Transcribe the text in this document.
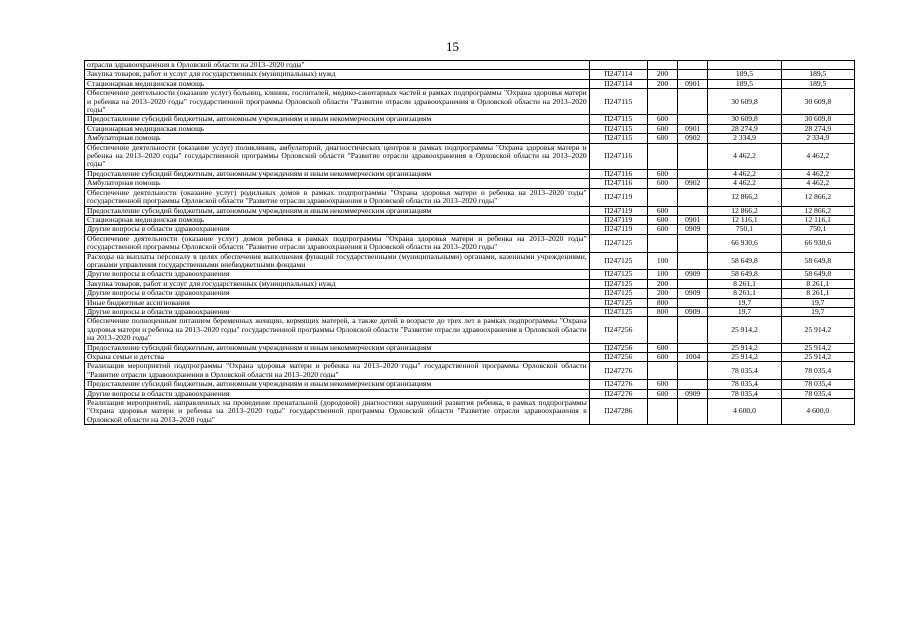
15
отрасли здравоохранения в Орловской области на 2013–2020 годы"					
Закупка товаров, работ и услуг для государственных (муниципальных) нужд	П247114	200		189,5	189,5
Стационарная медицинская помощь	П247114	200	0901	189,5	189,5
Обеспечение деятельности (оказание услуг) больниц, клиник, госпиталей, медико-санитарных частей в рамках подпрограммы "Охрана здоровья матери и ребенка на 2013–2020 годы" государственной программы Орловской области "Развитие отрасли здравоохранения в Орловской области на 2013–2020 годы"	П247115			30 609,8	30 609,8
Предоставление субсидий бюджетным, автономным учреждениям и иным некоммерческим организациям	П247115	600		30 609,8	30 609,8
Стационарная медицинская помощь	П247115	600	0901	28 274,9	28 274,9
Амбулаторная помощь	П247115	600	0902	2 334,9	2 334,9
Обеспечение деятельности (оказание услуг) поликлиник, амбулаторий, диагностических центров в рамках подпрограммы "Охрана здоровья матери и ребенка на 2013–2020 годы" государственной программы Орловской области "Развитие отрасли здравоохранения в Орловской области на 2013–2020 годы"	П247116			4 462,2	4 462,2
Предоставление субсидий бюджетным, автономным учреждениям и иным некоммерческим организациям	П247116	600		4 462,2	4 462,2
Амбулаторная помощь	П247116	600	0902	4 462,2	4 462,2
Обеспечение деятельности (оказание услуг) родильных домов в рамках подпрограммы "Охрана здоровья матери и ребенка на 2013–2020 годы" государственной программы Орловской области "Развитие отрасли здравоохранения в Орловской области на 2013–2020 годы"	П247119			12 866,2	12 866,2
Предоставление субсидий бюджетным, автономным учреждениям и иным некоммерческим организациям	П247119	600		12 866,2	12 866,2
Стационарная медицинская помощь	П247119	600	0901	12 116,1	12 116,1
Другие вопросы в области здравоохранения	П247119	600	0909	750,1	750,1
Обеспечение деятельности (оказание услуг) домов ребенка в рамках подпрограммы "Охрана здоровья матери и ребенка на 2013–2020 годы" государственной программы Орловской области "Развитие отрасли здравоохранения в Орловской области на 2013–2020 годы"	П247125			66 930,6	66 930,6
Расходы на выплаты персоналу в целях обеспечения выполнения функций государственными (муниципальными) органами, казенными учреждениями, органами управления государственными внебюджетными фондами	П247125	100		58 649,8	58 649,8
Другие вопросы в области здравоохранения	П247125	100	0909	58 649,8	58 649,8
Закупка товаров, работ и услуг для государственных (муниципальных) нужд	П247125	200		8 261,1	8 261,1
Другие вопросы в области здравоохранения	П247125	200	0909	8 261,1	8 261,1
Иные бюджетные ассигнования	П247125	800		19,7	19,7
Другие вопросы в области здравоохранения	П247125	800	0909	19,7	19,7
Обеспечение полноценным питанием беременных женщин, кормящих матерей, а также детей в возрасте до трех лет в рамках подпрограммы "Охрана здоровья матери и ребенка на 2013–2020 годы" государственной программы Орловской области "Развитие отрасли здравоохранения в Орловской области на 2013–2020 годы"	П247256			25 914,2	25 914,2
Предоставление субсидий бюджетным, автономным учреждениям и иным некоммерческим организациям	П247256	600		25 914,2	25 914,2
Охрана семьи и детства	П247256	600	1004	25 914,2	25 914,2
Реализация мероприятий подпрограммы "Охрана здоровья матери и ребенка на 2013–2020 годы" государственной программы Орловской области "Развитие отрасли здравоохранения в Орловской области на 2013–2020 годы"	П247276			78 035,4	78 035,4
Предоставление субсидий бюджетным, автономным учреждениям и иным некоммерческим организациям	П247276	600		78 035,4	78 035,4
Другие вопросы в области здравоохранения	П247276	600	0909	78 035,4	78 035,4
Реализация мероприятий, направленных на проведение пренатальной (дородовой) диагностики нарушений развития ребенка, в рамках подпрограммы "Охрана здоровья матери и ребенка на 2013–2020 годы" государственной программы Орловской области "Развитие отрасли здравоохранения в Орловской области на 2013–2020 годы"	П247286			4 600,0	4 600,0
